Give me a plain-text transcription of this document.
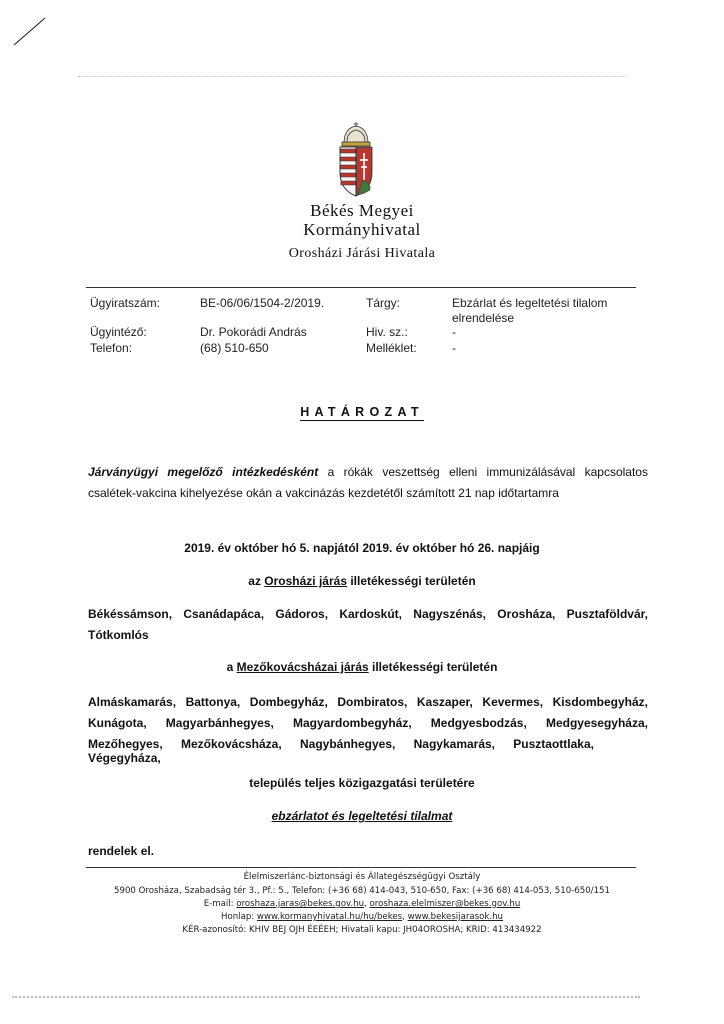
Békés Megyei
Kormányhivatal
Orosházi Járási Hivatala
Ügyiratszám:	BE-06/06/1504-2/2019.	Tárgy:	Ebzárlat és legeltetési tilalom
elrendelése
Ügyintéző:	Dr. Pokorádi András	Hiv. sz.:	-
Telefon:	(68) 510-650	Melléklet:	-
HATÁROZAT
Járványügyi megelőző intézkedésként a rókák veszettség elleni immunizálásával kapcsolatos
csalétek-vakcina kihelyezése okán a vakcinázás kezdetétől számított 21 nap időtartamra
2019. év október hó 5. napjától 2019. év október hó 26. napjáig
az Orosházi járás illetékességi területén
Békéssámson, Csanádapáca, Gádoros, Kardoskút, Nagyszénás, Orosháza, Pusztaföldvár,
Tótkomlós
a Mezőkovácsházai járás illetékességi területén
Almáskamarás, Battonya, Dombegyház, Dombiratos, Kaszaper, Kevermes, Kisdombegyház,
Kunágota, Magyarbánhegyes, Magyardombegyház, Medgyesbodzás, Medgyesegyháza,
Mezőhegyes, Mezőkovácsháza, Nagybánhegyes, Nagykamarás, Pusztaottlaka, Végegyháza,
település teljes közigazgatási területére
ebzárlatot és legeltetési tilalmat
rendelek el.
Élelmiszerlánc-biztonsági és Állategészségügyi Osztály
5900 Orosháza, Szabadság tér 3., Pf.: 5., Telefon: (+36 68) 414-043, 510-650, Fax: (+36 68) 414-053, 510-650/151
E-mail: oroshaza.jaras@bekes.gov.hu, oroshaza.elelmiszer@bekes.gov.hu
Honlap: www.kormanyhivatal.hu/hu/bekes, www.bekesijarasok.hu
KÉR-azonosító: KHIV BEJ OJH ÉEÉEH; Hivatali kapu: JH04OROSHA; KRID: 413434922
